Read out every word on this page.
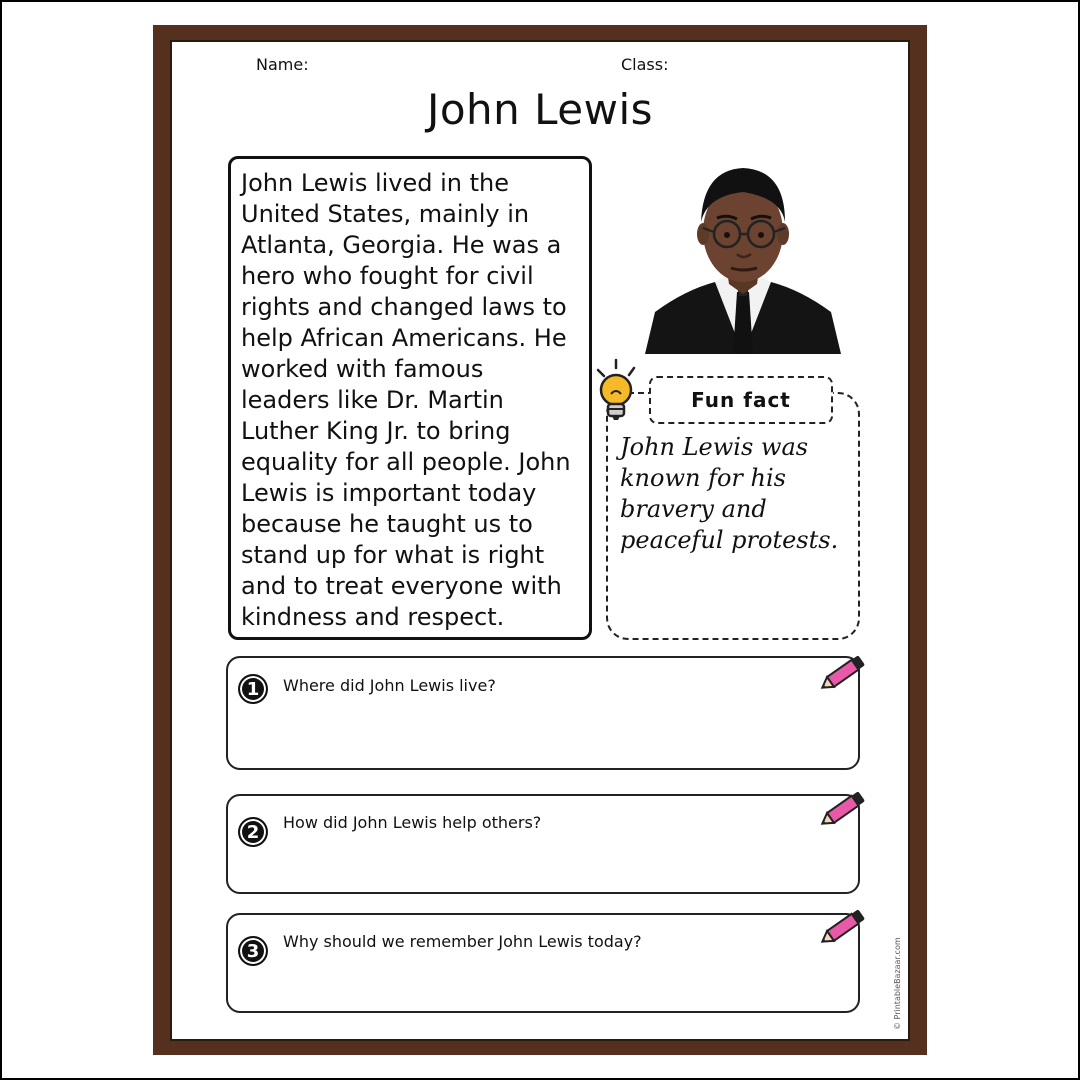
Name:	Class:
John Lewis

John Lewis lived in the United States, mainly in Atlanta, Georgia. He was a hero who fought for civil rights and changed laws to help African Americans. He worked with famous leaders like Dr. Martin Luther King Jr. to bring equality for all people. John Lewis is important today because he taught us to stand up for what is right and to treat everyone with kindness and respect.

Fun fact

John Lewis was known for his bravery and peaceful protests.

1	Where did John Lewis live?
2	How did John Lewis help others?
3	Why should we remember John Lewis today?	© PrintableBazaar.com
